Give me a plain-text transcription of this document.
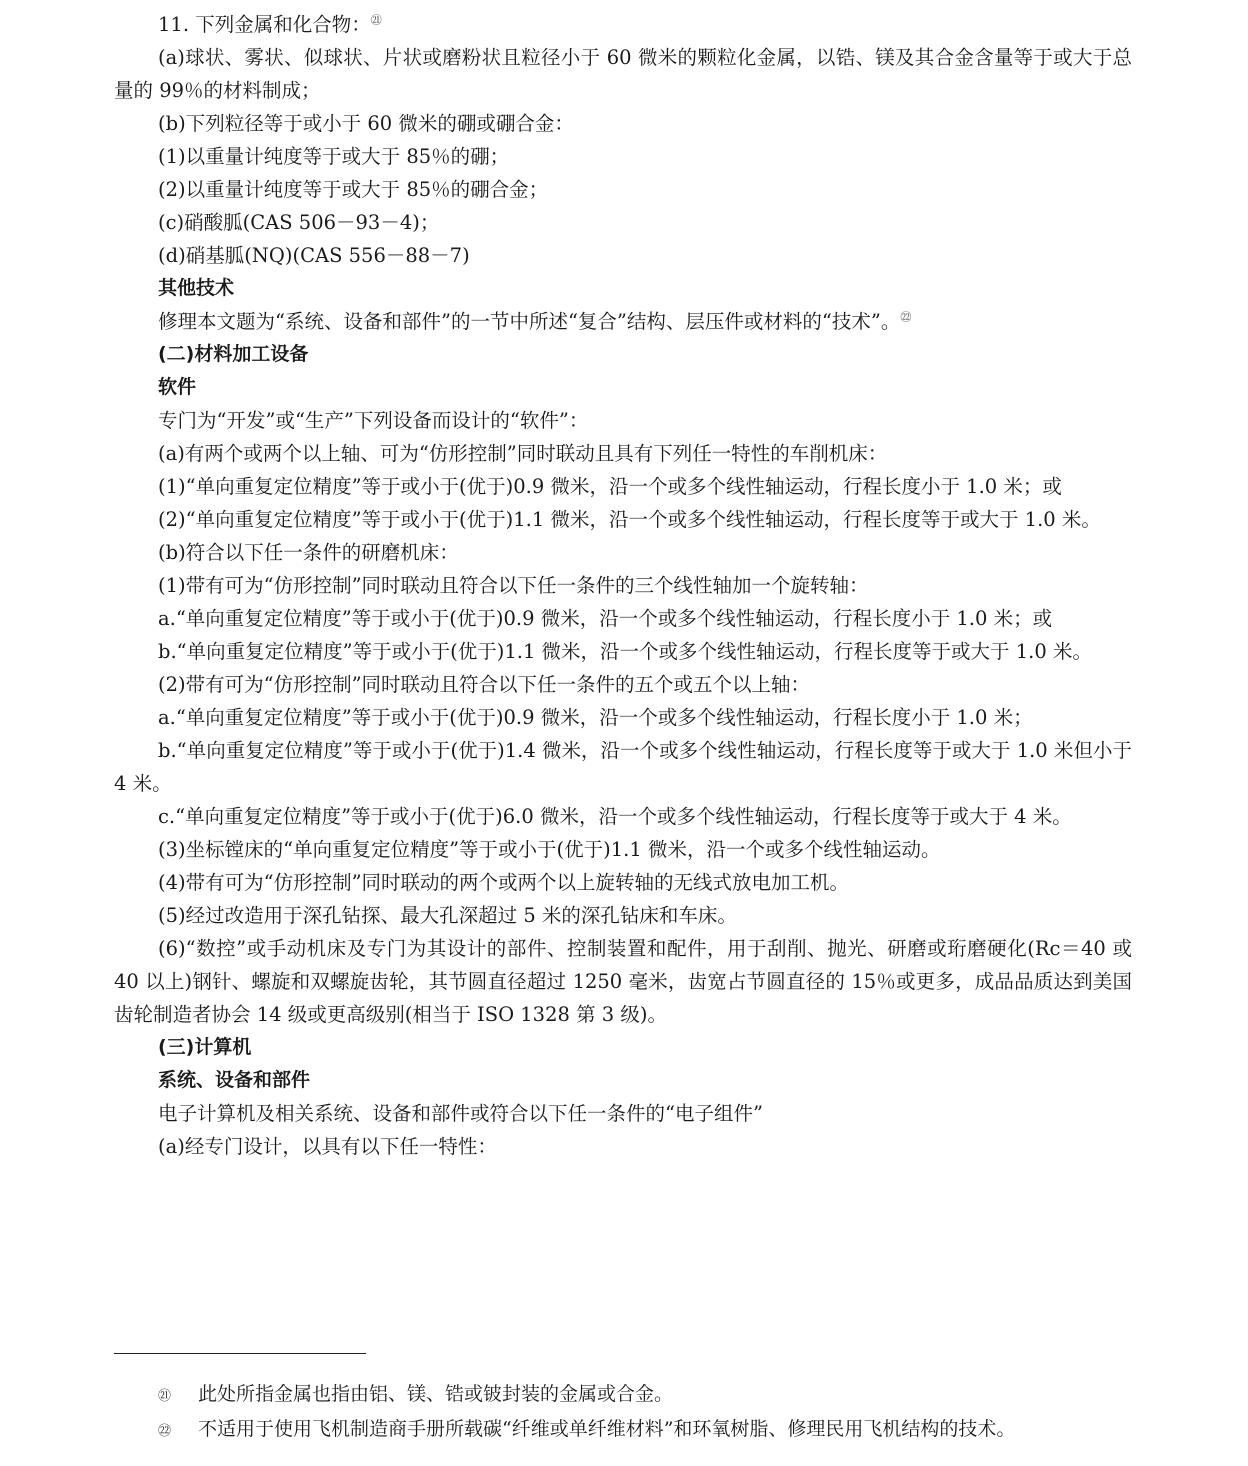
11. 下列金属和化合物：$^㉑$

(a)球状、雾状、似球状、片状或磨粉状且粒径小于 60 微米的颗粒化金属，以锆、镁及其合金含量等于或大于总量的 99％的材料制成；

(b)下列粒径等于或小于 60 微米的硼或硼合金：

(1)以重量计纯度等于或大于 85％的硼；

(2)以重量计纯度等于或大于 85％的硼合金；

(c)硝酸胍(CAS 506－93－4)；

(d)硝基胍(NQ)(CAS 556－88－7)

其他技术

修理本文题为“系统、设备和部件”的一节中所述“复合”结构、层压件或材料的“技术”。$^㉒$

(二)材料加工设备

软件

专门为“开发”或“生产”下列设备而设计的“软件”：

(a)有两个或两个以上轴、可为“仿形控制”同时联动且具有下列任一特性的车削机床：

(1)“单向重复定位精度”等于或小于(优于)0.9 微米，沿一个或多个线性轴运动，行程长度小于 1.0 米；或

(2)“单向重复定位精度”等于或小于(优于)1.1 微米，沿一个或多个线性轴运动，行程长度等于或大于 1.0 米。

(b)符合以下任一条件的研磨机床：

(1)带有可为“仿形控制”同时联动且符合以下任一条件的三个线性轴加一个旋转轴：

a.“单向重复定位精度”等于或小于(优于)0.9 微米，沿一个或多个线性轴运动，行程长度小于 1.0 米；或

b.“单向重复定位精度”等于或小于(优于)1.1 微米，沿一个或多个线性轴运动，行程长度等于或大于 1.0 米。

(2)带有可为“仿形控制”同时联动且符合以下任一条件的五个或五个以上轴：

a.“单向重复定位精度”等于或小于(优于)0.9 微米，沿一个或多个线性轴运动，行程长度小于 1.0 米；

b.“单向重复定位精度”等于或小于(优于)1.4 微米，沿一个或多个线性轴运动，行程长度等于或大于 1.0 米但小于 4 米。

c.“单向重复定位精度”等于或小于(优于)6.0 微米，沿一个或多个线性轴运动，行程长度等于或大于 4 米。

(3)坐标镗床的“单向重复定位精度”等于或小于(优于)1.1 微米，沿一个或多个线性轴运动。

(4)带有可为“仿形控制”同时联动的两个或两个以上旋转轴的无线式放电加工机。

(5)经过改造用于深孔钻探、最大孔深超过 5 米的深孔钻床和车床。

(6)“数控”或手动机床及专门为其设计的部件、控制装置和配件，用于刮削、抛光、研磨或珩磨硬化(Rc＝40 或 40 以上)钢针、螺旋和双螺旋齿轮，其节圆直径超过 1250 毫米，齿宽占节圆直径的 15％或更多，成品品质达到美国齿轮制造者协会 14 级或更高级别(相当于 ISO 1328 第 3 级)。

(三)计算机

系统、设备和部件

电子计算机及相关系统、设备和部件或符合以下任一条件的“电子组件”

(a)经专门设计，以具有以下任一特性：

㉑ 此处所指金属也指由铝、镁、锆或铍封装的金属或合金。

㉒ 不适用于使用飞机制造商手册所载碳“纤维或单纤维材料”和环氧树脂、修理民用飞机结构的技术。
